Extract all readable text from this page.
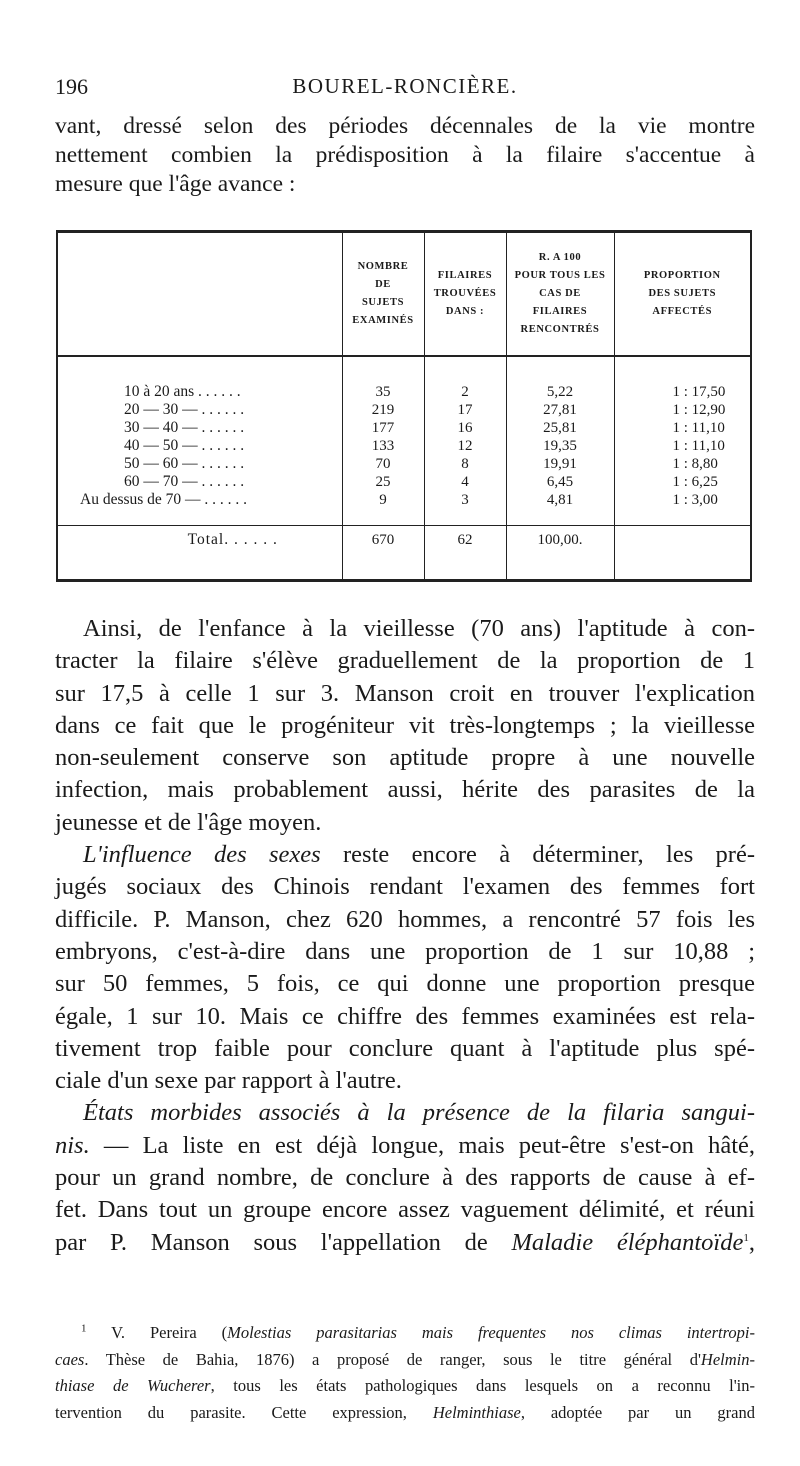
196	BOUREL-RONCIÈRE.
vant, dressé selon des périodes décennales de la vie montre
nettement combien la prédisposition à la filaire s'accentue à
mesure que l'âge avance :
	NOMBRE
DE
SUJETS
EXAMINÉS	FILAIRES
TROUVÉES
DANS :	R. A 100
POUR TOUS LES
CAS DE
FILAIRES
RENCONTRÉS	PROPORTION
DES SUJETS
AFFECTÉS

10 à 20 ans . . . . . .	35	2	5,22	1 : 17,50
20 — 30 — . . . . . .	219	17	27,81	1 : 12,90
30 — 40 — . . . . . .	177	16	25,81	1 : 11,10
40 — 50 — . . . . . .	133	12	19,35	1 : 11,10
50 — 60 — . . . . . .	70	8	19,91	1 : 8,80
60 — 70 — . . . . . .	25	4	6,45	1 : 6,25
Au dessus de 70 — . . . . . .	9	3	4,81	1 : 3,00

Total. . . . . .	670	62	100,00.	

Ainsi, de l'enfance à la vieillesse (70 ans) l'aptitude à con-
tracter la filaire s'élève graduellement de la proportion de 1
sur 17,5 à celle 1 sur 3. Manson croit en trouver l'explication
dans ce fait que le progéniteur vit très-longtemps ; la vieillesse
non-seulement conserve son aptitude propre à une nouvelle
infection, mais probablement aussi, hérite des parasites de la
jeunesse et de l'âge moyen.
L'influence des sexes reste encore à déterminer, les pré-
jugés sociaux des Chinois rendant l'examen des femmes fort
difficile. P. Manson, chez 620 hommes, a rencontré 57 fois les
embryons, c'est-à-dire dans une proportion de 1 sur 10,88 ;
sur 50 femmes, 5 fois, ce qui donne une proportion presque
égale, 1 sur 10. Mais ce chiffre des femmes examinées est rela-
tivement trop faible pour conclure quant à l'aptitude plus spé-
ciale d'un sexe par rapport à l'autre.
États morbides associés à la présence de la filaria sangui-
nis. — La liste en est déjà longue, mais peut-être s'est-on hâté,
pour un grand nombre, de conclure à des rapports de cause à ef-
fet. Dans tout un groupe encore assez vaguement délimité, et réuni
par P. Manson sous l'appellation de Maladie éléphantoïde$^1$,
$^1$ V. Pereira (Molestias parasitarias mais frequentes nos climas intertropi-
caes. Thèse de Bahia, 1876) a proposé de ranger, sous le titre général d'Helmin-
thiase de Wucherer, tous les états pathologiques dans lesquels on a reconnu l'in-
tervention du parasite. Cette expression, Helminthiase, adoptée par un grand
